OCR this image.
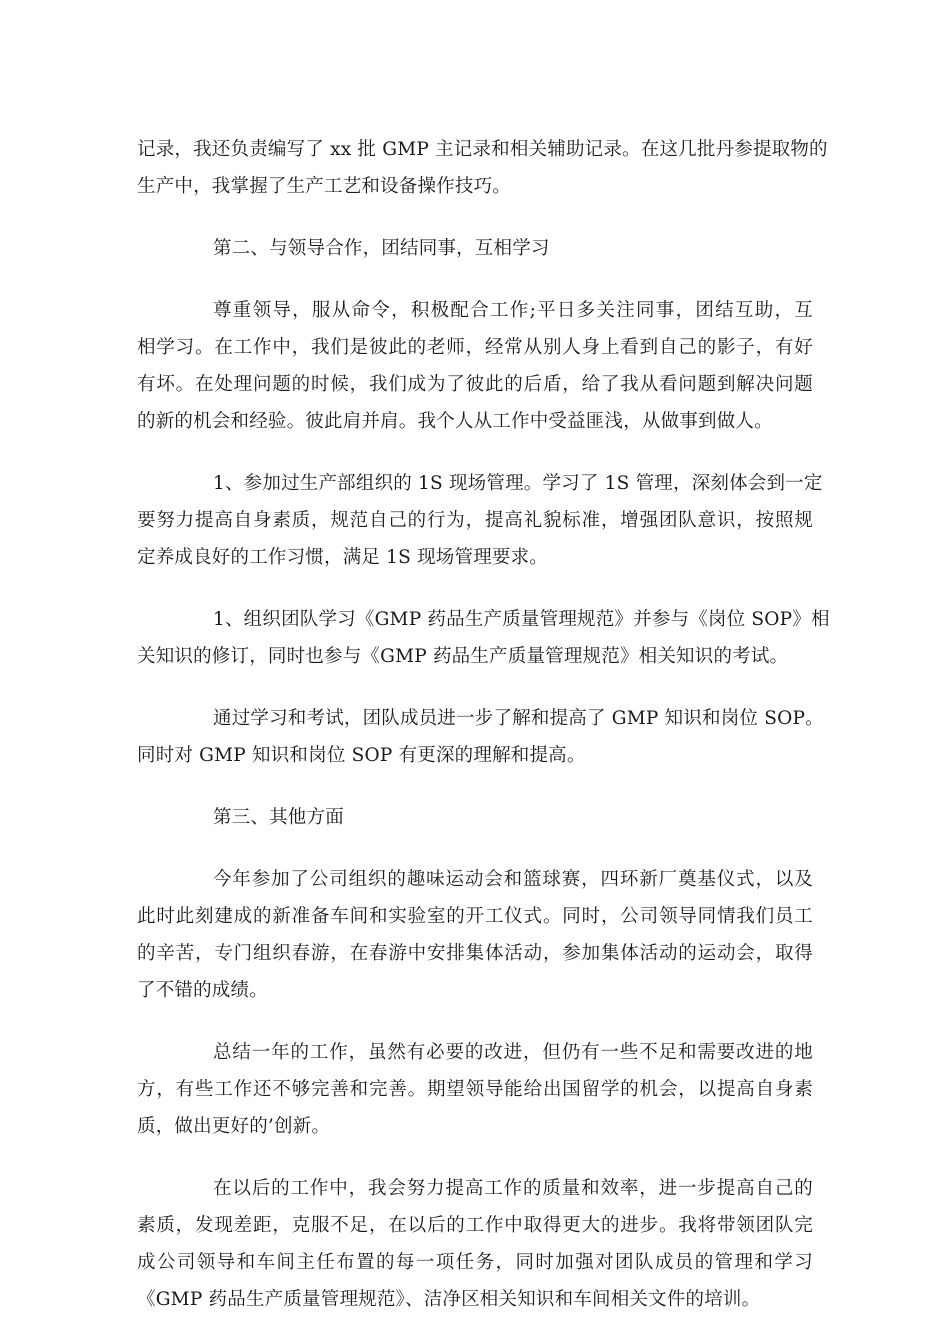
记录，我还负责编写了 xx 批 GMP 主记录和相关辅助记录。在这几批丹参提取物的
生产中，我掌握了生产工艺和设备操作技巧。
第二、与领导合作，团结同事，互相学习
尊重领导，服从命令，积极配合工作;平日多关注同事，团结互助，互
相学习。在工作中，我们是彼此的老师，经常从别人身上看到自己的影子，有好
有坏。在处理问题的时候，我们成为了彼此的后盾，给了我从看问题到解决问题
的新的机会和经验。彼此肩并肩。我个人从工作中受益匪浅，从做事到做人。
1、参加过生产部组织的 1S 现场管理。学习了 1S 管理，深刻体会到一定
要努力提高自身素质，规范自己的行为，提高礼貌标准，增强团队意识，按照规
定养成良好的工作习惯，满足 1S 现场管理要求。
1、组织团队学习《GMP 药品生产质量管理规范》并参与《岗位 SOP》相
关知识的修订，同时也参与《GMP 药品生产质量管理规范》相关知识的考试。
通过学习和考试，团队成员进一步了解和提高了 GMP 知识和岗位 SOP。
同时对 GMP 知识和岗位 SOP 有更深的理解和提高。
第三、其他方面
今年参加了公司组织的趣味运动会和篮球赛，四环新厂奠基仪式，以及
此时此刻建成的新准备车间和实验室的开工仪式。同时，公司领导同情我们员工
的辛苦，专门组织春游，在春游中安排集体活动，参加集体活动的运动会，取得
了不错的成绩。
总结一年的工作，虽然有必要的改进，但仍有一些不足和需要改进的地
方，有些工作还不够完善和完善。期望领导能给出国留学的机会，以提高自身素
质，做出更好的’创新。
在以后的工作中，我会努力提高工作的质量和效率，进一步提高自己的
素质，发现差距，克服不足，在以后的工作中取得更大的进步。我将带领团队完
成公司领导和车间主任布置的每一项任务，同时加强对团队成员的管理和学习
《GMP 药品生产质量管理规范》、洁净区相关知识和车间相关文件的培训。
